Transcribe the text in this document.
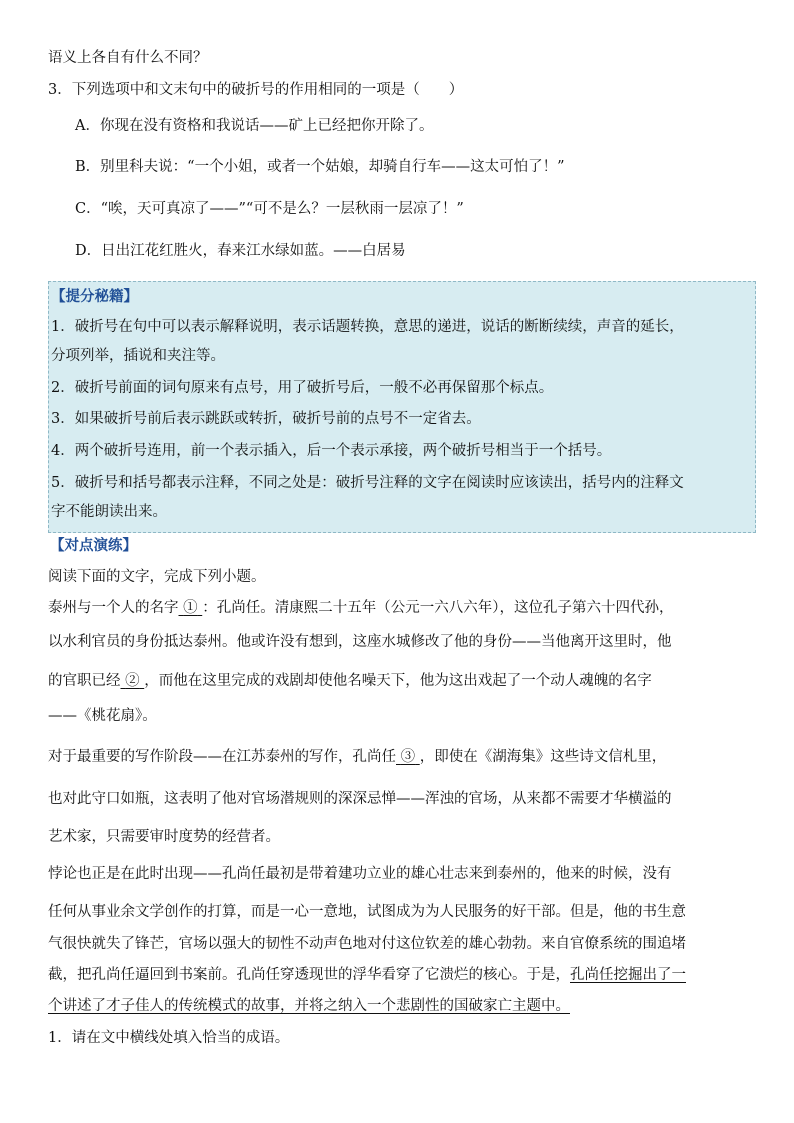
语义上各自有什么不同？
3．下列选项中和文末句中的破折号的作用相同的一项是（　　）
A．你现在没有资格和我说话——矿上已经把你开除了。
B．别里科夫说：“一个小姐，或者一个姑娘，却骑自行车——这太可怕了！”
C．“唉，天可真凉了——”“可不是么？一层秋雨一层凉了！”
D．日出江花红胜火，春来江水绿如蓝。——白居易
【提分秘籍】
1．破折号在句中可以表示解释说明，表示话题转换，意思的递进，说话的断断续续，声音的延长，
分项列举，插说和夹注等。
2．破折号前面的词句原来有点号，用了破折号后，一般不必再保留那个标点。
3．如果破折号前后表示跳跃或转折，破折号前的点号不一定省去。
4．两个破折号连用，前一个表示插入，后一个表示承接，两个破折号相当于一个括号。
5．破折号和括号都表示注释，不同之处是：破折号注释的文字在阅读时应该读出，括号内的注释文
字不能朗读出来。
【对点演练】
阅读下面的文字，完成下列小题。
泰州与一个人的名字 ① ：孔尚任。清康熙二十五年（公元一六八六年），这位孔子第六十四代孙，
以水利官员的身份抵达泰州。他或许没有想到，这座水城修改了他的身份——当他离开这里时，他
的官职已经 ② ，而他在这里完成的戏剧却使他名噪天下，他为这出戏起了一个动人魂魄的名字
——《桃花扇》。
对于最重要的写作阶段——在江苏泰州的写作，孔尚任 ③ ，即使在《湖海集》这些诗文信札里，
也对此守口如瓶，这表明了他对官场潜规则的深深忌惮——浑浊的官场，从来都不需要才华横溢的
艺术家，只需要审时度势的经营者。
悖论也正是在此时出现——孔尚任最初是带着建功立业的雄心壮志来到泰州的，他来的时候，没有
任何从事业余文学创作的打算，而是一心一意地，试图成为为人民服务的好干部。但是，他的书生意
气很快就失了锋芒，官场以强大的韧性不动声色地对付这位钦差的雄心勃勃。来自官僚系统的围追堵
截，把孔尚任逼回到书案前。孔尚任穿透现世的浮华看穿了它溃烂的核心。于是，孔尚任挖掘出了一
个讲述了才子佳人的传统模式的故事，并将之纳入一个悲剧性的国破家亡主题中。
1．请在文中横线处填入恰当的成语。
